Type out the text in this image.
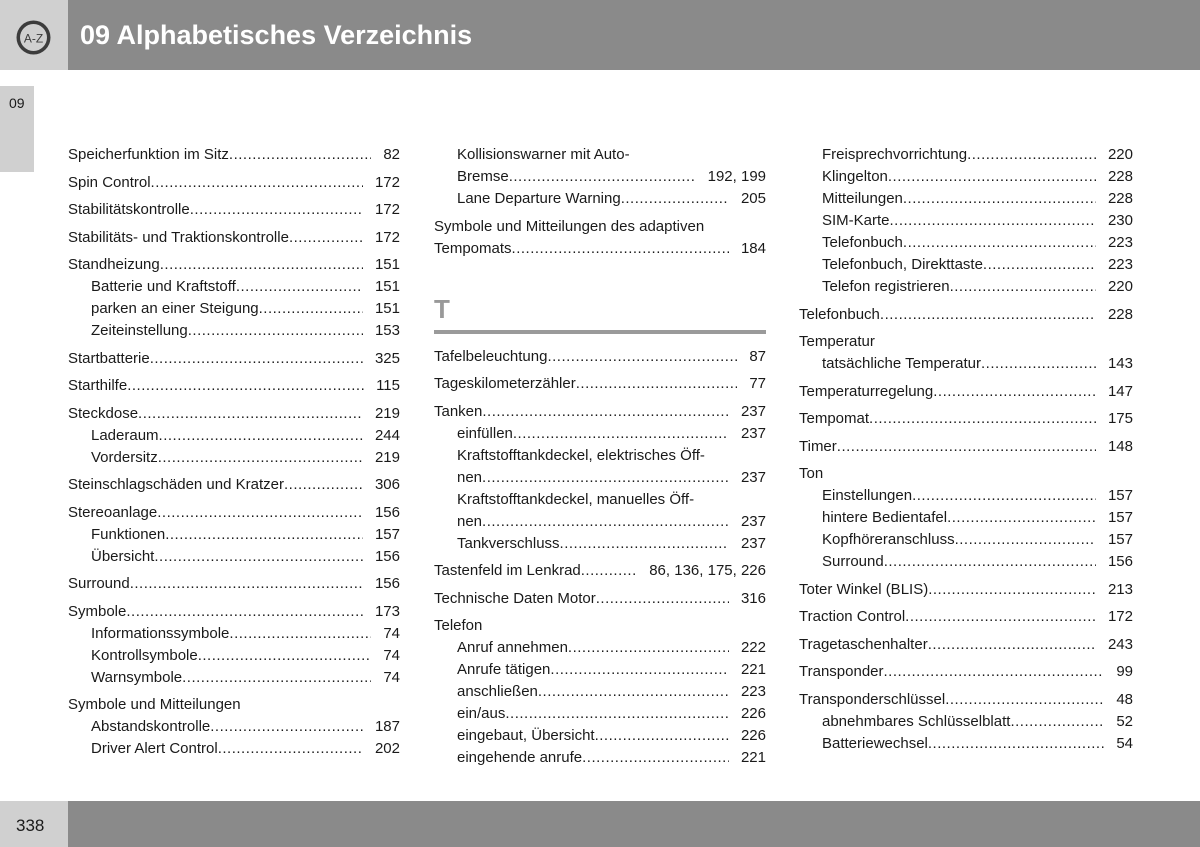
A-Z 09 Alphabetisches Verzeichnis
09
Speicherfunktion im Sitz .....	82
Spin Control .....	172
Stabilitätskontrolle .....	172
Stabilitäts- und Traktionskontrolle .....	172
Standheizung .....	151
Batterie und Kraftstoff .....	151
parken an einer Steigung .....	151
Zeiteinstellung .....	153
Startbatterie .....	325
Starthilfe .....	115
Steckdose .....	219
Laderaum .....	244
Vordersitz .....	219
Steinschlagschäden und Kratzer .....	306
Stereoanlage .....	156
Funktionen .....	157
Übersicht .....	156
Surround .....	156
Symbole .....	173
Informationssymbole .....	74
Kontrollsymbole .....	74
Warnsymbole .....	74
Symbole und Mitteilungen
Abstandskontrolle .....	187
Driver Alert Control .....	202
Kollisionswarner mit Auto-
Bremse .....	192, 199
Lane Departure Warning .....	205
Symbole und Mitteilungen des adaptiven
Tempomats .....	184
T
Tafelbeleuchtung .....	87
Tageskilometerzähler .....	77
Tanken .....	237
einfüllen .....	237
Kraftstofftankdeckel, elektrisches Öff-
nen .....	237
Kraftstofftankdeckel, manuelles Öff-
nen .....	237
Tankverschluss .....	237
Tastenfeld im Lenkrad .....	86, 136, 175, 226
Technische Daten Motor .....	316
Telefon
Anruf annehmen .....	222
Anrufe tätigen .....	221
anschließen .....	223
ein/aus .....	226
eingebaut, Übersicht .....	226
eingehende anrufe .....	221
Freisprechvorrichtung .....	220
Klingelton .....	228
Mitteilungen .....	228
SIM-Karte .....	230
Telefonbuch .....	223
Telefonbuch, Direkttaste .....	223
Telefon registrieren .....	220
Telefonbuch .....	228
Temperatur
tatsächliche Temperatur .....	143
Temperaturregelung .....	147
Tempomat .....	175
Timer .....	148
Ton
Einstellungen .....	157
hintere Bedientafel .....	157
Kopfhöreranschluss .....	157
Surround .....	156
Toter Winkel (BLIS) .....	213
Traction Control .....	172
Tragetaschenhalter .....	243
Transponder .....	99
Transponderschlüssel .....	48
abnehmbares Schlüsselblatt .....	52
Batteriewechsel .....	54
338
